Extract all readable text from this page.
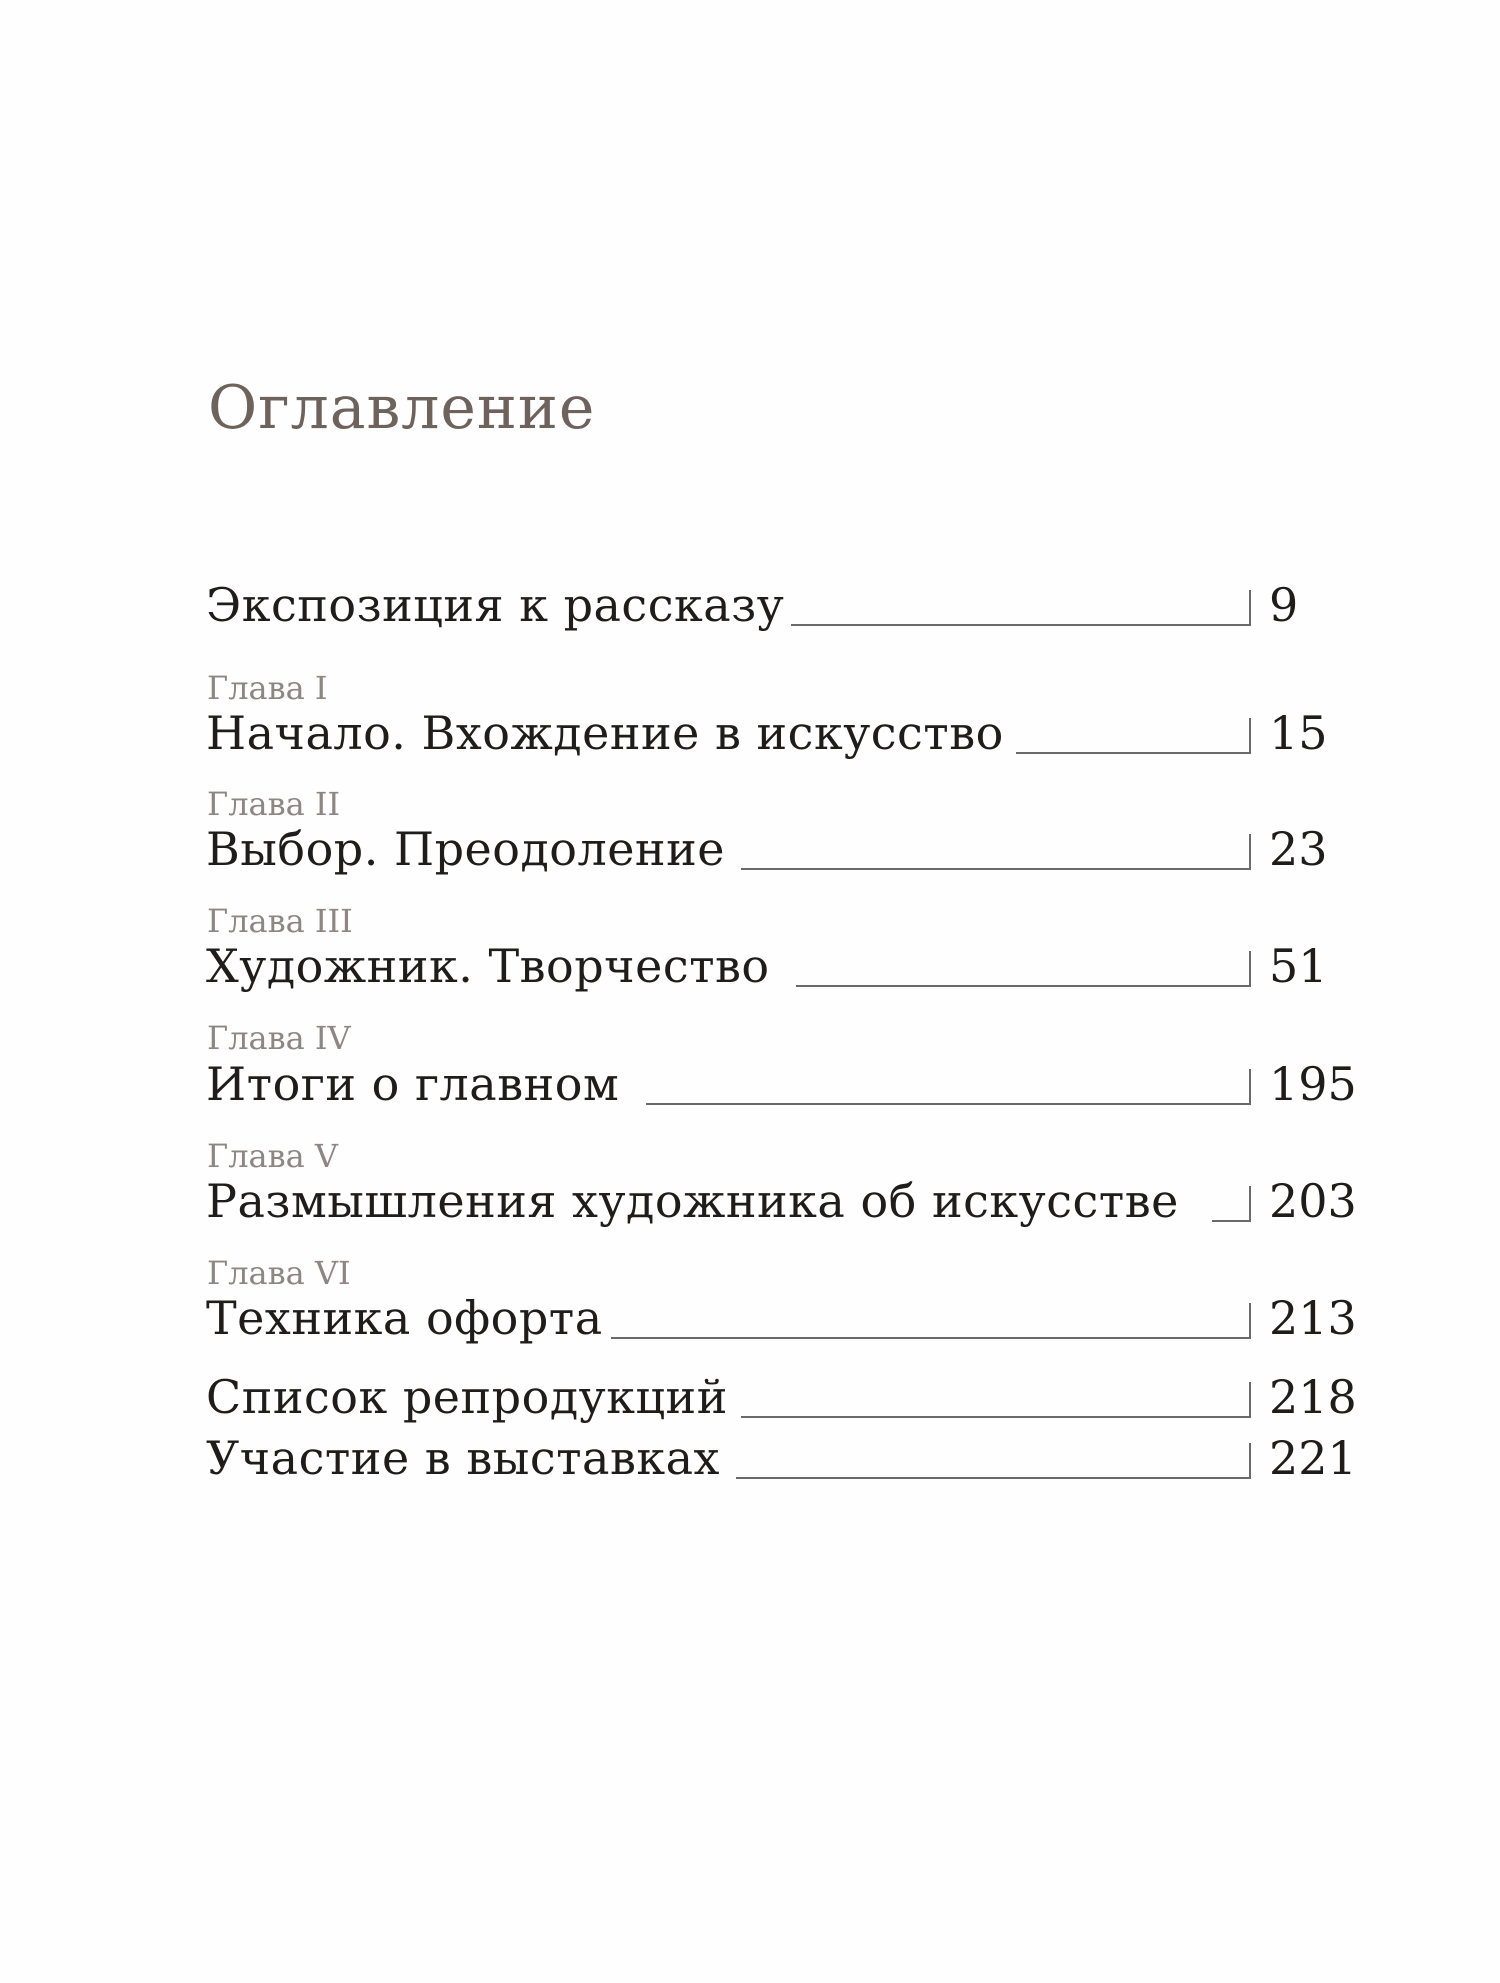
Оглавление
Экспозиция к рассказу	9
Глава I
Начало. Вхождение в искусство	15
Глава II
Выбор. Преодоление	23
Глава III
Художник. Творчество	51
Глава IV
Итоги о главном	195
Глава V
Размышления художника об искусстве 203
Глава VI
Техника офорта	213
Список репродукций	218
Участие в выставках	221
